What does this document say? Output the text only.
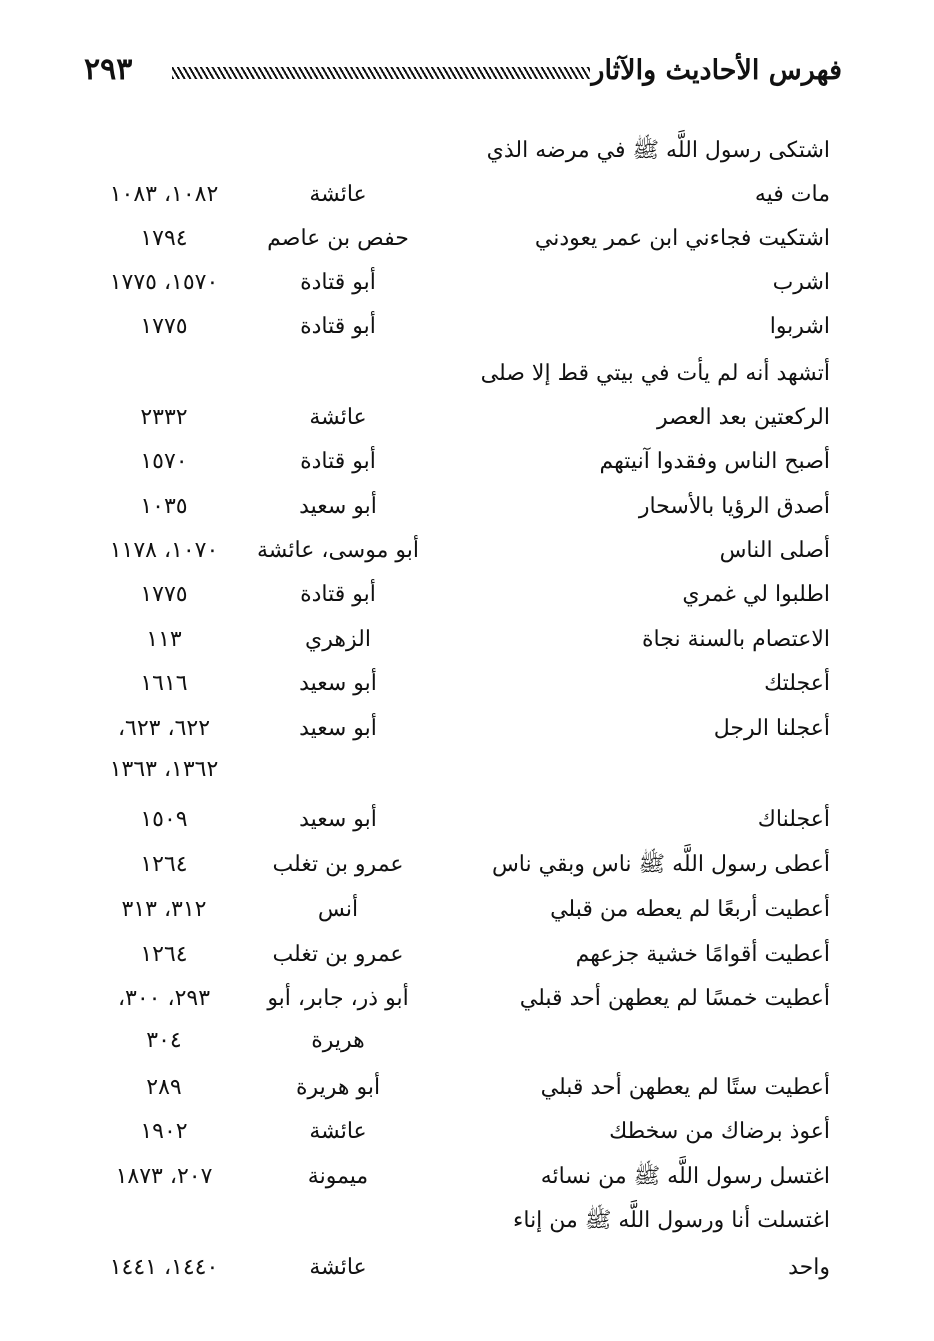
٢٩٣	فهرس الأحاديث والآثار
اشتكى رسول اللَّه ﷺ في مرضه الذي
مات فيه
عائشة
١٠٨٢، ١٠٨٣
اشتكيت فجاءني ابن عمر يعودني
حفص بن عاصم
١٧٩٤
اشرب
أبو قتادة
١٥٧٠، ١٧٧٥
اشربوا
أبو قتادة
١٧٧٥
أتشهد أنه لم يأت في بيتي قط إلا صلى
الركعتين بعد العصر
عائشة
٢٣٣٢
أصبح الناس وفقدوا آنيتهم
أبو قتادة
١٥٧٠
أصدق الرؤيا بالأسحار
أبو سعيد
١٠٣٥
أصلى الناس
أبو موسى، عائشة
١٠٧٠، ١١٧٨
اطلبوا لي غمري
أبو قتادة
١٧٧٥
الاعتصام بالسنة نجاة
الزهري
١١٣
أعجلتك
أبو سعيد
١٦١٦
أعجلنا الرجل
أبو سعيد
٦٢٢، ٦٢٣،
١٣٦٢، ١٣٦٣
أعجلناك
أبو سعيد
١٥٠٩
أعطى رسول اللَّه ﷺ ناس وبقي ناس
عمرو بن تغلب
١٢٦٤
أعطيت أربعًا لم يعطه من قبلي
أنس
٣١٢، ٣١٣
أعطيت أقوامًا خشية جزعهم
عمرو بن تغلب
١٢٦٤
أعطيت خمسًا لم يعطهن أحد قبلي
أبو ذر، جابر، أبو
٢٩٣، ٣٠٠،
هريرة
٣٠٤
أعطيت ستًا لم يعطهن أحد قبلي
أبو هريرة
٢٨٩
أعوذ برضاك من سخطك
عائشة
١٩٠٢
اغتسل رسول اللَّه ﷺ من نسائه
ميمونة
٢٠٧، ١٨٧٣
اغتسلت أنا ورسول اللَّه ﷺ من إناء
واحد
عائشة
١٤٤٠، ١٤٤١
